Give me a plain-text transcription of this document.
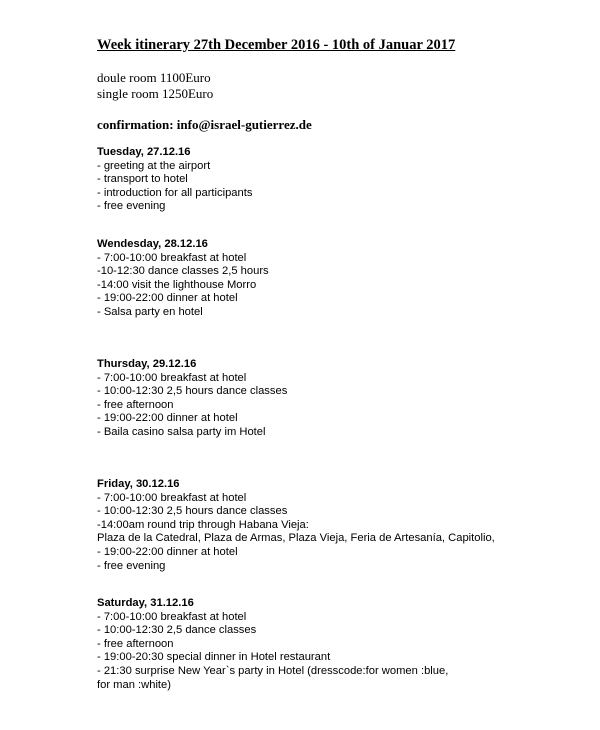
Week itinerary 27th December 2016 - 10th of Januar 2017
doule room 1100Euro
single room 1250Euro
confirmation: info@israel-gutierrez.de
Tuesday, 27.12.16
- greeting at the airport
- transport to hotel
- introduction for all participants
- free evening
Wendesday, 28.12.16
- 7:00-10:00 breakfast at hotel
-10-12:30 dance classes 2,5 hours
-14:00 visit the lighthouse Morro
- 19:00-22:00 dinner at hotel
- Salsa party en hotel
Thursday, 29.12.16
- 7:00-10:00 breakfast at hotel
- 10:00-12:30 2,5 hours dance classes
- free afternoon
- 19:00-22:00 dinner at hotel
- Baila casino salsa party im Hotel
Friday, 30.12.16
- 7:00-10:00 breakfast at hotel
- 10:00-12:30 2,5 hours dance classes
-14:00am round trip through Habana Vieja:
Plaza de la Catedral, Plaza de Armas, Plaza Vieja, Feria de Artesanía, Capitolio,
- 19:00-22:00 dinner at hotel
- free evening
Saturday, 31.12.16
- 7:00-10:00 breakfast at hotel
- 10:00-12:30 2,5 dance classes
- free afternoon
- 19:00-20:30 special dinner in Hotel restaurant
- 21:30 surprise New Year`s party in Hotel (dresscode:for women :blue,
for man :white)
